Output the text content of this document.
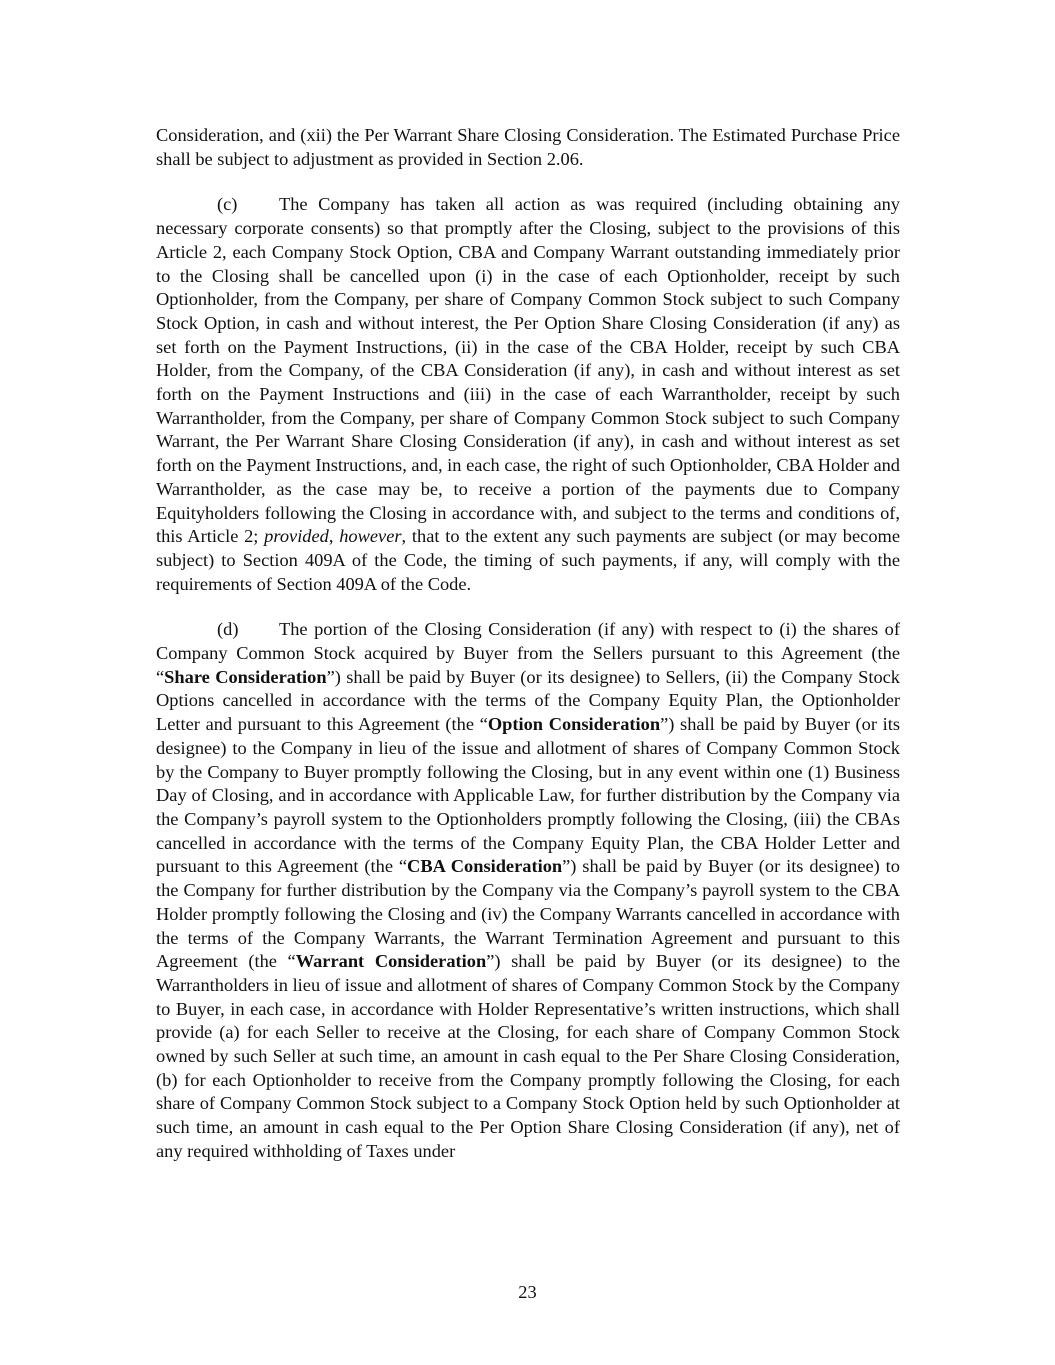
Consideration, and (xii) the Per Warrant Share Closing Consideration. The Estimated Purchase Price shall be subject to adjustment as provided in Section 2.06.

(c) The Company has taken all action as was required (including obtaining any necessary corporate consents) so that promptly after the Closing, subject to the provisions of this Article 2, each Company Stock Option, CBA and Company Warrant outstanding immediately prior to the Closing shall be cancelled upon (i) in the case of each Optionholder, receipt by such Optionholder, from the Company, per share of Company Common Stock subject to such Company Stock Option, in cash and without interest, the Per Option Share Closing Consideration (if any) as set forth on the Payment Instructions, (ii) in the case of the CBA Holder, receipt by such CBA Holder, from the Company, of the CBA Consideration (if any), in cash and without interest as set forth on the Payment Instructions and (iii) in the case of each Warrantholder, receipt by such Warrantholder, from the Company, per share of Company Common Stock subject to such Company Warrant, the Per Warrant Share Closing Consideration (if any), in cash and without interest as set forth on the Payment Instructions, and, in each case, the right of such Optionholder, CBA Holder and Warrantholder, as the case may be, to receive a portion of the payments due to Company Equityholders following the Closing in accordance with, and subject to the terms and conditions of, this Article 2; provided, however, that to the extent any such payments are subject (or may become subject) to Section 409A of the Code, the timing of such payments, if any, will comply with the requirements of Section 409A of the Code.

(d) The portion of the Closing Consideration (if any) with respect to (i) the shares of Company Common Stock acquired by Buyer from the Sellers pursuant to this Agreement (the “Share Consideration”) shall be paid by Buyer (or its designee) to Sellers, (ii) the Company Stock Options cancelled in accordance with the terms of the Company Equity Plan, the Optionholder Letter and pursuant to this Agreement (the “Option Consideration”) shall be paid by Buyer (or its designee) to the Company in lieu of the issue and allotment of shares of Company Common Stock by the Company to Buyer promptly following the Closing, but in any event within one (1) Business Day of Closing, and in accordance with Applicable Law, for further distribution by the Company via the Company’s payroll system to the Optionholders promptly following the Closing, (iii) the CBAs cancelled in accordance with the terms of the Company Equity Plan, the CBA Holder Letter and pursuant to this Agreement (the “CBA Consideration”) shall be paid by Buyer (or its designee) to the Company for further distribution by the Company via the Company’s payroll system to the CBA Holder promptly following the Closing and (iv) the Company Warrants cancelled in accordance with the terms of the Company Warrants, the Warrant Termination Agreement and pursuant to this Agreement (the “Warrant Consideration”) shall be paid by Buyer (or its designee) to the Warrantholders in lieu of issue and allotment of shares of Company Common Stock by the Company to Buyer, in each case, in accordance with Holder Representative’s written instructions, which shall provide (a) for each Seller to receive at the Closing, for each share of Company Common Stock owned by such Seller at such time, an amount in cash equal to the Per Share Closing Consideration, (b) for each Optionholder to receive from the Company promptly following the Closing, for each share of Company Common Stock subject to a Company Stock Option held by such Optionholder at such time, an amount in cash equal to the Per Option Share Closing Consideration (if any), net of any required withholding of Taxes under

23
